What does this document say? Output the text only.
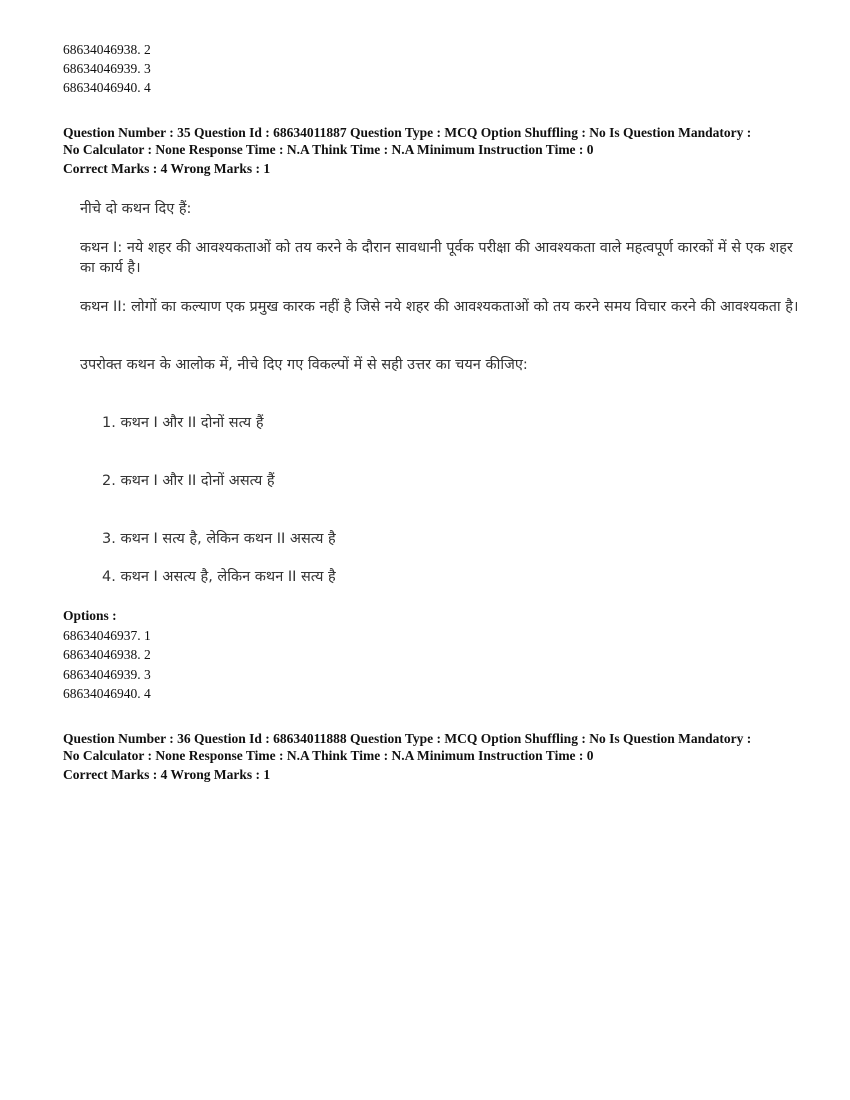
68634046938. 2
68634046939. 3
68634046940. 4
Question Number : 35 Question Id : 68634011887 Question Type : MCQ Option Shuffling : No Is Question Mandatory :
No Calculator : None Response Time : N.A Think Time : N.A Minimum Instruction Time : 0
Correct Marks : 4 Wrong Marks : 1
नीचे दो कथन दिए हैं:
कथन I: नये शहर की आवश्यकताओं को तय करने के दौरान सावधानी पूर्वक परीक्षा की आवश्यकता वाले महत्वपूर्ण कारकों में से एक शहर का कार्य है।
कथन II: लोगों का कल्याण एक प्रमुख कारक नहीं है जिसे नये शहर की आवश्यकताओं को तय करने समय विचार करने की आवश्यकता है।
उपरोक्त कथन के आलोक में, नीचे दिए गए विकल्पों में से सही उत्तर का चयन कीजिए:
1. कथन I और II दोनों सत्य हैं
2. कथन I और II दोनों असत्य हैं
3. कथन I सत्य है, लेकिन कथन II असत्य है
4. कथन I असत्य है, लेकिन कथन II सत्य है
Options :
68634046937. 1
68634046938. 2
68634046939. 3
68634046940. 4
Question Number : 36 Question Id : 68634011888 Question Type : MCQ Option Shuffling : No Is Question Mandatory :
No Calculator : None Response Time : N.A Think Time : N.A Minimum Instruction Time : 0
Correct Marks : 4 Wrong Marks : 1
